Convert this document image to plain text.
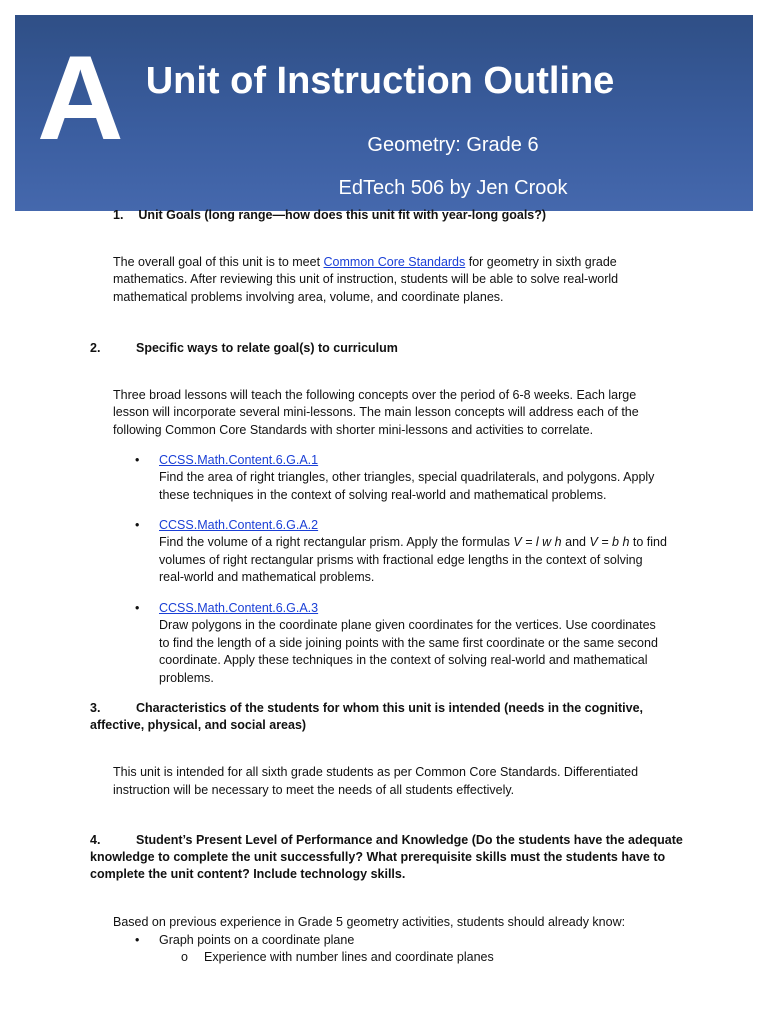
A Unit of Instruction Outline
Geometry: Grade 6
EdTech 506 by Jen Crook
1. Unit Goals (long range—how does this unit fit with year-long goals?)
The overall goal of this unit is to meet Common Core Standards for geometry in sixth grade
mathematics. After reviewing this unit of instruction, students will be able to solve real-world
mathematical problems involving area, volume, and coordinate planes.
2.	Specific ways to relate goal(s) to curriculum
Three broad lessons will teach the following concepts over the period of 6-8 weeks. Each large
lesson will incorporate several mini-lessons. The main lesson concepts will address each of the
following Common Core Standards with shorter mini-lessons and activities to correlate.
• CCSS.Math.Content.6.G.A.1
Find the area of right triangles, other triangles, special quadrilaterals, and polygons. Apply
these techniques in the context of solving real-world and mathematical problems.
• CCSS.Math.Content.6.G.A.2
Find the volume of a right rectangular prism. Apply the formulas V = l w h and V = b h to find
volumes of right rectangular prisms with fractional edge lengths in the context of solving
real-world and mathematical problems.
• CCSS.Math.Content.6.G.A.3
Draw polygons in the coordinate plane given coordinates for the vertices. Use coordinates
to find the length of a side joining points with the same first coordinate or the same second
coordinate. Apply these techniques in the context of solving real-world and mathematical
problems.
3.	Characteristics of the students for whom this unit is intended (needs in the cognitive,
affective, physical, and social areas)
This unit is intended for all sixth grade students as per Common Core Standards. Differentiated
instruction will be necessary to meet the needs of all students effectively.
4.	Student’s Present Level of Performance and Knowledge (Do the students have the adequate
knowledge to complete the unit successfully? What prerequisite skills must the students have to
complete the unit content? Include technology skills.
Based on previous experience in Grade 5 geometry activities, students should already know:
• Graph points on a coordinate plane
o Experience with number lines and coordinate planes
